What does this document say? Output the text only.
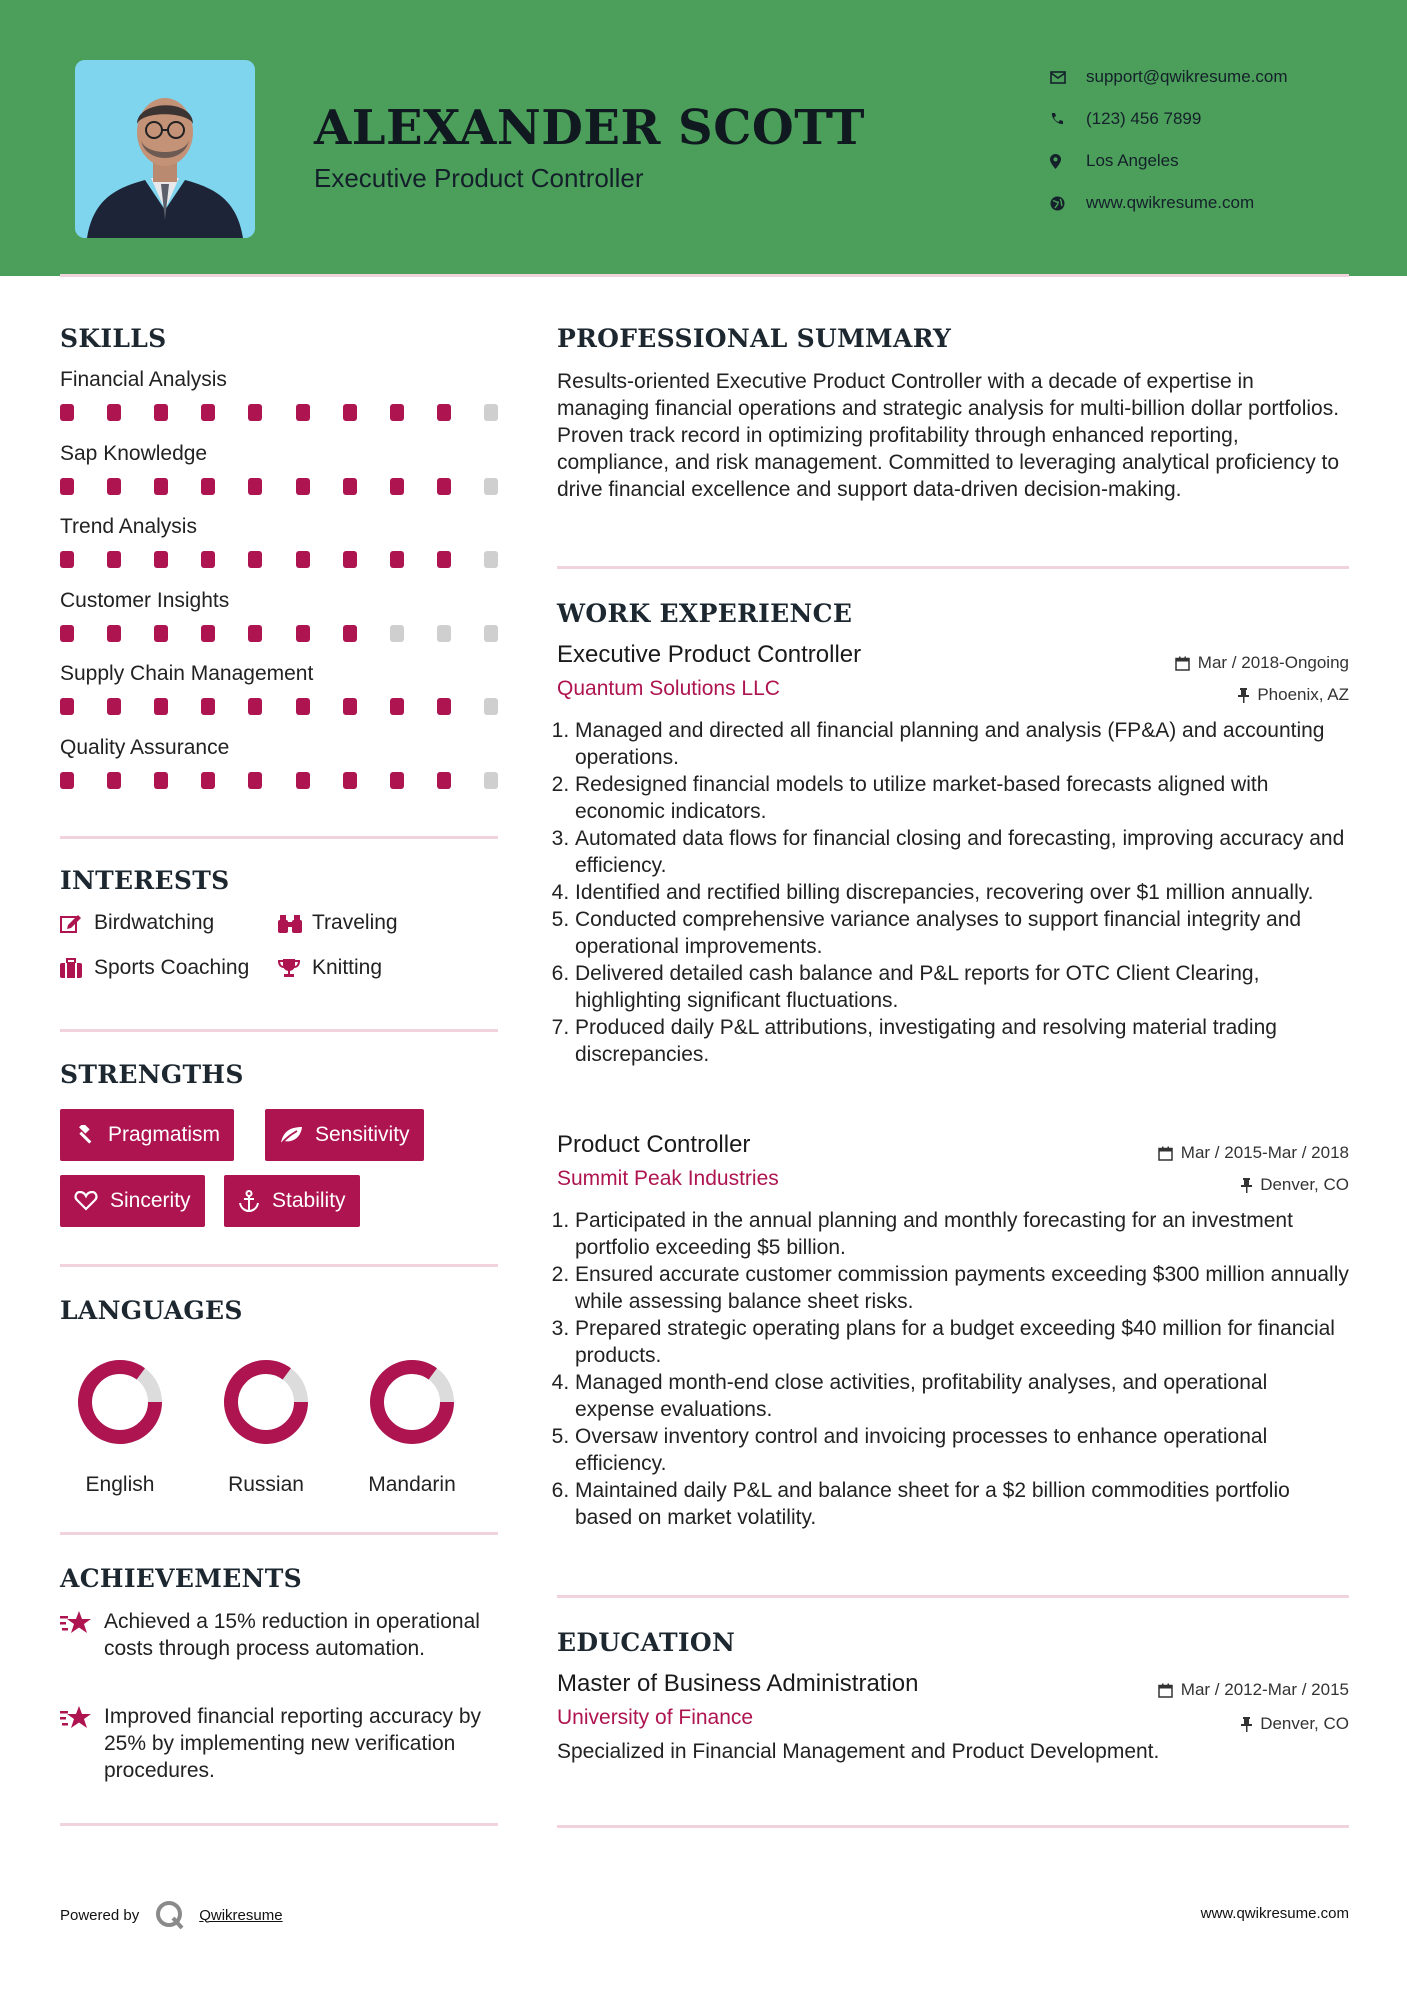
ALEXANDER SCOTT
Executive Product Controller
support@qwikresume.com
(123) 456 7899
Los Angeles
www.qwikresume.com
SKILLS
Financial Analysis
Sap Knowledge
Trend Analysis
Customer Insights
Supply Chain Management
Quality Assurance
INTERESTS
Birdwatching	Traveling
Sports Coaching	Knitting
STRENGTHS
Pragmatism	Sensitivity
Sincerity	Stability
LANGUAGES
English	Russian	Mandarin
ACHIEVEMENTS
Achieved a 15% reduction in operational costs through process automation.
Improved financial reporting accuracy by 25% by implementing new verification procedures.
PROFESSIONAL SUMMARY
Results-oriented Executive Product Controller with a decade of expertise in managing financial operations and strategic analysis for multi-billion dollar portfolios. Proven track record in optimizing profitability through enhanced reporting, compliance, and risk management. Committed to leveraging analytical proficiency to drive financial excellence and support data-driven decision-making.
WORK EXPERIENCE
Executive Product Controller	Mar / 2018-Ongoing
Quantum Solutions LLC	Phoenix, AZ
1. Managed and directed all financial planning and analysis (FP&A) and accounting operations.
2. Redesigned financial models to utilize market-based forecasts aligned with economic indicators.
3. Automated data flows for financial closing and forecasting, improving accuracy and efficiency.
4. Identified and rectified billing discrepancies, recovering over $1 million annually.
5. Conducted comprehensive variance analyses to support financial integrity and operational improvements.
6. Delivered detailed cash balance and P&L reports for OTC Client Clearing, highlighting significant fluctuations.
7. Produced daily P&L attributions, investigating and resolving material trading discrepancies.
Product Controller	Mar / 2015-Mar / 2018
Summit Peak Industries	Denver, CO
1. Participated in the annual planning and monthly forecasting for an investment portfolio exceeding $5 billion.
2. Ensured accurate customer commission payments exceeding $300 million annually while assessing balance sheet risks.
3. Prepared strategic operating plans for a budget exceeding $40 million for financial products.
4. Managed month-end close activities, profitability analyses, and operational expense evaluations.
5. Oversaw inventory control and invoicing processes to enhance operational efficiency.
6. Maintained daily P&L and balance sheet for a $2 billion commodities portfolio based on market volatility.
EDUCATION
Master of Business Administration	Mar / 2012-Mar / 2015
University of Finance	Denver, CO
Specialized in Financial Management and Product Development.
Powered by	Qwikresume	www.qwikresume.com
